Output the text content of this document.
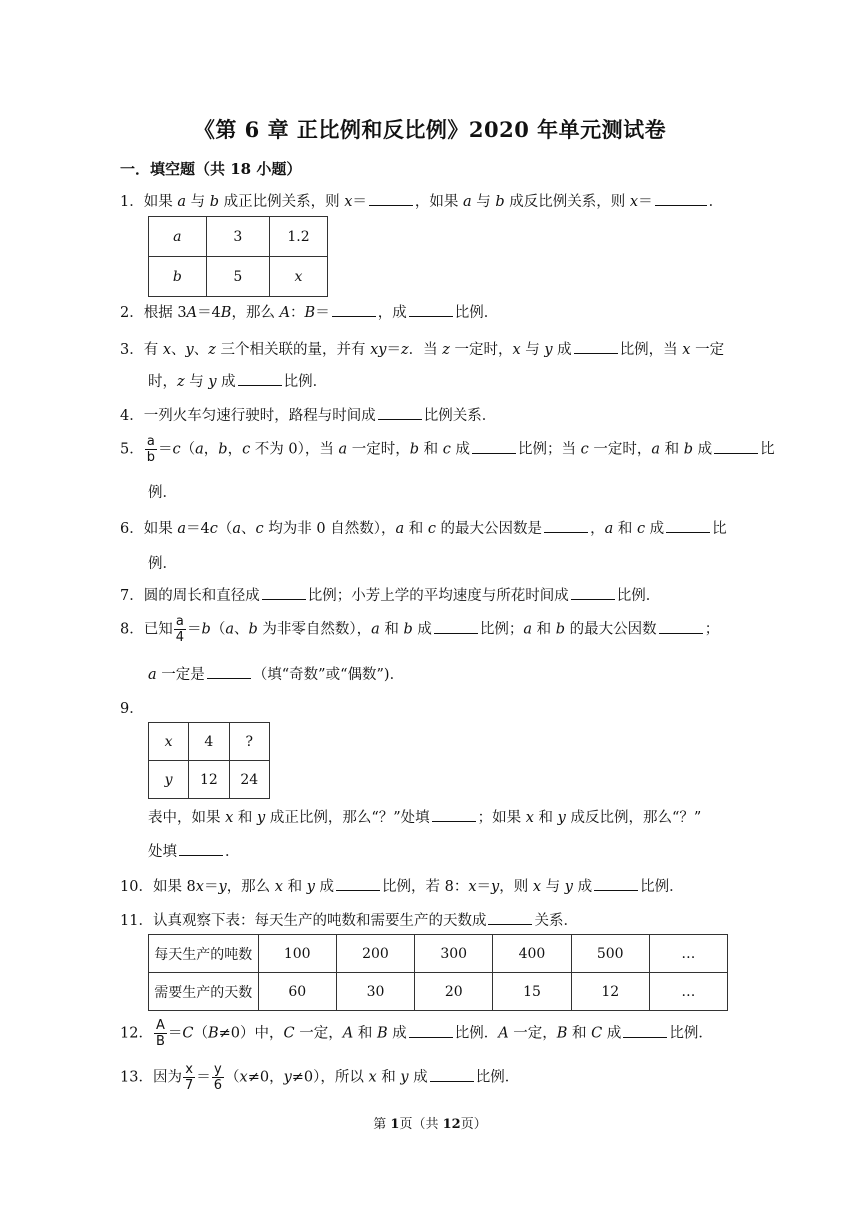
《第 6 章 正比例和反比例》2020 年单元测试卷
一．填空题（共 18 小题）
1．如果 a 与 b 成正比例关系，则 x＝	，如果 a 与 b 成反比例关系，则 x＝	．
a	3	1.2
b	5	x
2．根据 3A＝4B，那么 A：B＝	，成	比例．
3．有 x、y、z 三个相关联的量，并有 xy＝z．当 z 一定时，x 与 y 成	比例，当 x 一定
时，z 与 y 成	比例．
4．一列火车匀速行驶时，路程与时间成	比例关系．
5． $\frac{a}{b} =c(a$，b，c 不为 0），当 a 一定时，b 和 c 成	比例；当 c 一定时，a 和 b 成	比
例．
6．如果 a＝4c（a、c 均为非 0 自然数），a 和 c 的最大公因数是	，a 和 c 成	比
例．
7．圆的周长和直径成	比例；小芳上学的平均速度与所花时间成	比例．
8．已知 $\frac{a}{4} =b(a$、b 为非零自然数），a 和 b 成	比例；a 和 b 的最大公因数	；
a 一定是	（填“奇数”或“偶数”)．
9．
x	4	?
y	12	24
表中，如果 x 和 y 成正比例，那么“？”处填	；如果 x 和 y 成反比例，那么“？”
处填	．
10．如果 8x＝y，那么 x 和 y 成	比例，若 8：x＝y，则 x 与 y 成	比例．
11．认真观察下表：每天生产的吨数和需要生产的天数成	关系．
每天生产的吨数	100	200	300	400	500	…
需要生产的天数	60	30	20	15	12	…
12． $\frac{A}{B} =C(B\ne 0)$中，C 一定，A 和 B 成	比例．A 一定，B 和 C 成	比例．
13．因为 $\frac{x}{7} = \frac{y}{6} (x\ne 0$，y≠0），所以 x 和 y 成	比例．
第 1页（共 12页）
